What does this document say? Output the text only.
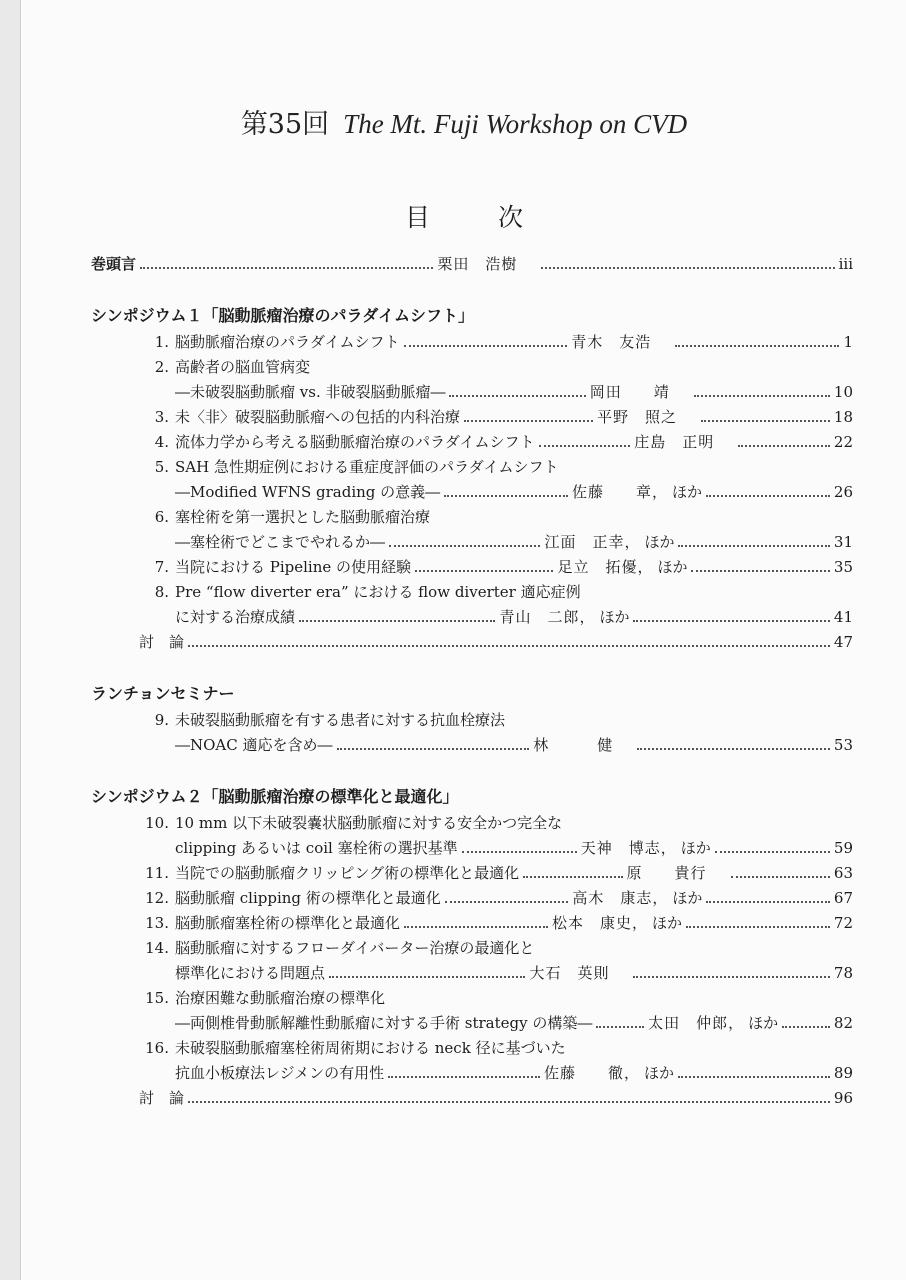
第35回 The Mt. Fuji Workshop on CVD
目次
巻頭言	栗田　浩樹	iii
シンポジウム１「脳動脈瘤治療のパラダイムシフト」
1. 脳動脈瘤治療のパラダイムシフト	青木　友浩	1
2. 高齢者の脳血管病変
―未破裂脳動脈瘤 vs. 非破裂脳動脈瘤―	岡田　　靖	10
3. 未〈非〉破裂脳動脈瘤への包括的内科治療	平野　照之	18
4. 流体力学から考える脳動脈瘤治療のパラダイムシフト	庄島　正明	22
5. SAH 急性期症例における重症度評価のパラダイムシフト
―Modified WFNS grading の意義―	佐藤　　章， ほか	26
6. 塞栓術を第一選択とした脳動脈瘤治療
―塞栓術でどこまでやれるか―	江面　正幸， ほか	31
7. 当院における Pipeline の使用経験	足立　拓優， ほか	35
8. Pre “flow diverter era” における flow diverter 適応症例
に対する治療成績	青山　二郎， ほか	41
討　論	47
ランチョンセミナー
9. 未破裂脳動脈瘤を有する患者に対する抗血栓療法
―NOAC 適応を含め―	林　　　健	53
シンポジウム２「脳動脈瘤治療の標準化と最適化」
10. 10 mm 以下未破裂嚢状脳動脈瘤に対する安全かつ完全な
clipping あるいは coil 塞栓術の選択基準	天神　博志， ほか	59
11. 当院での脳動脈瘤クリッピング術の標準化と最適化	原　　貴行	63
12. 脳動脈瘤 clipping 術の標準化と最適化	高木　康志， ほか	67
13. 脳動脈瘤塞栓術の標準化と最適化	松本　康史， ほか	72
14. 脳動脈瘤に対するフローダイバーター治療の最適化と
標準化における問題点	大石　英則	78
15. 治療困難な動脈瘤治療の標準化
―両側椎骨動脈解離性動脈瘤に対する手術 strategy の構築―	太田　仲郎， ほか	82
16. 未破裂脳動脈瘤塞栓術周術期における neck 径に基づいた
抗血小板療法レジメンの有用性	佐藤　　徹， ほか	89
討　論	96
